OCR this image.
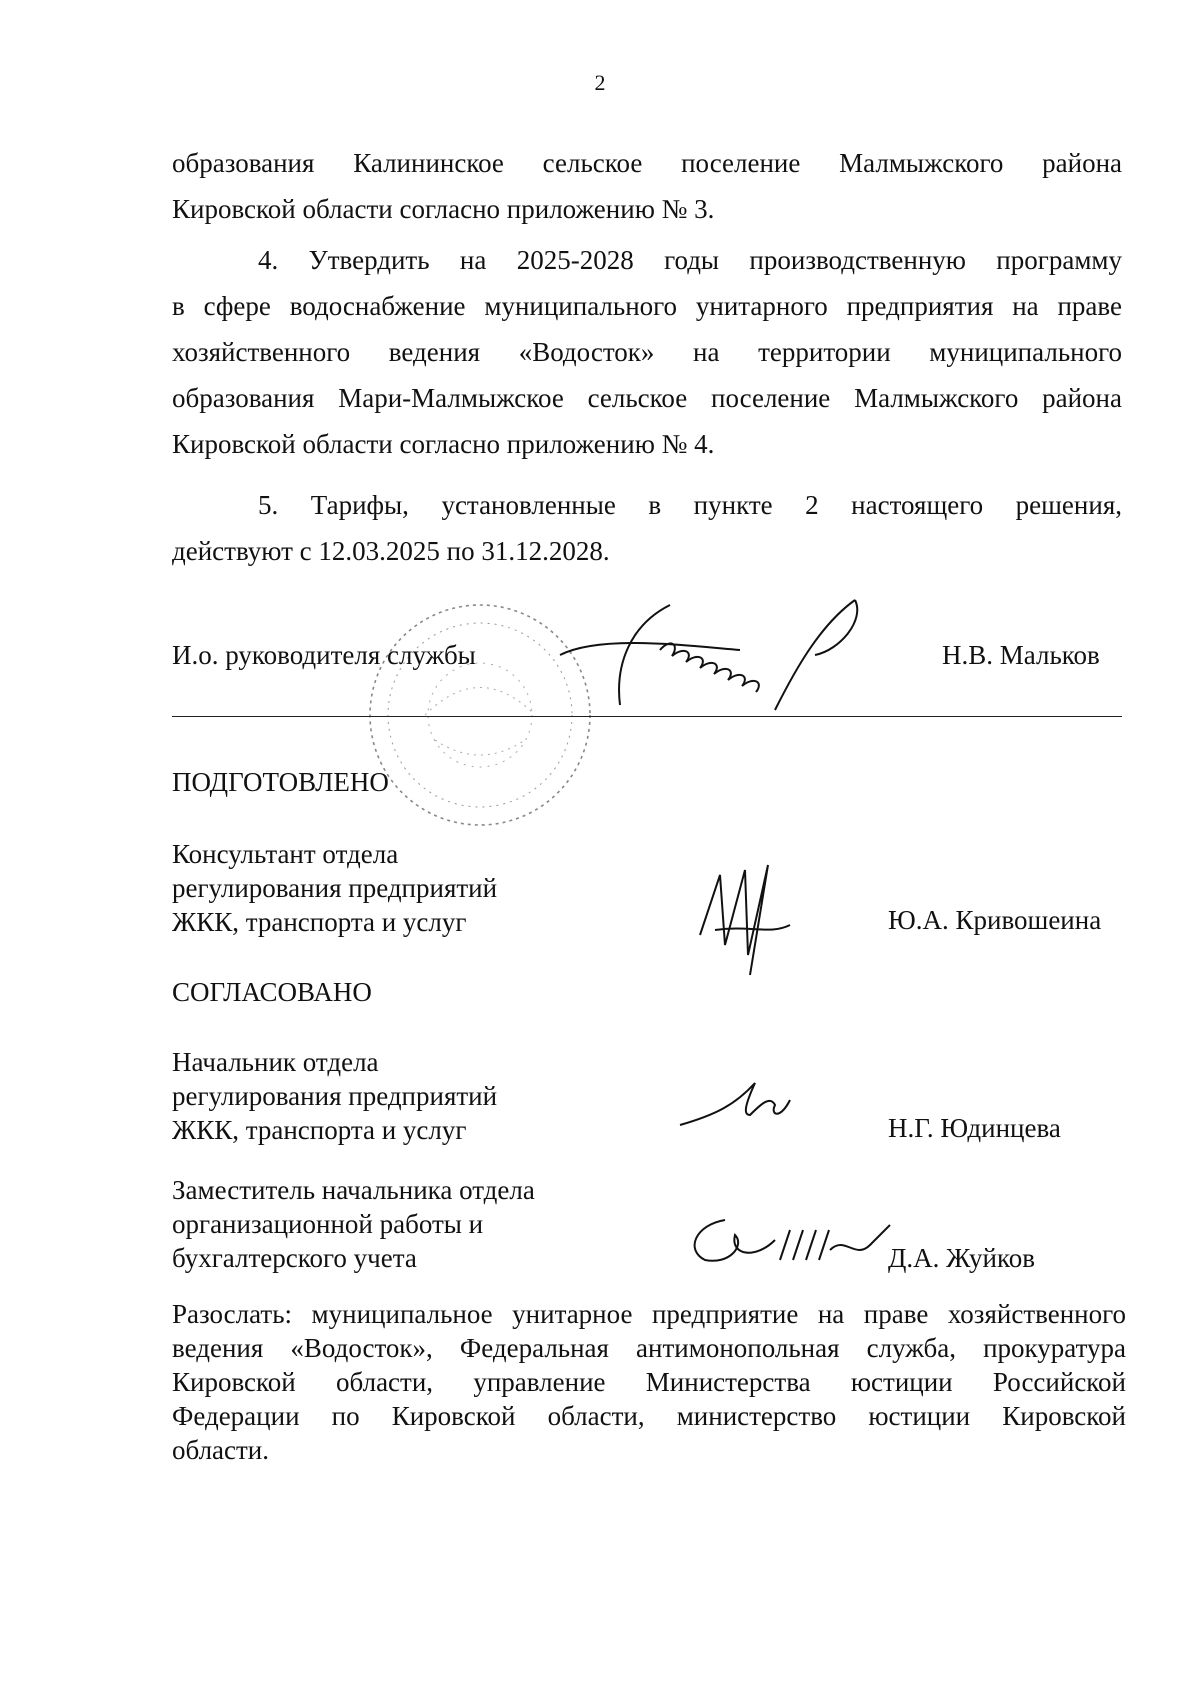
2

образования Калининское сельское поселение Малмыжского района

Кировской области согласно приложению № 3.

4. Утвердить на 2025-2028 годы производственную программу

в сфере водоснабжение муниципального унитарного предприятия на праве

хозяйственного ведения «Водосток» на территории муниципального

образования Мари-Малмыжское сельское поселение Малмыжского района

Кировской области согласно приложению № 4.

5. Тарифы, установленные в пункте 2 настоящего решения,

действуют с 12.03.2025 по 31.12.2028.

И.о. руководителя службы	Н.В. Мальков
ПОДГОТОВЛЕНО
Консультант отдела
регулирования предприятий
ЖКК, транспорта и услуг	Ю.А. Кривошеина
СОГЛАСОВАНО
Начальник отдела
регулирования предприятий
ЖКК, транспорта и услуг	Н.Г. Юдинцева
Заместитель начальника отдела
организационной работы и
бухгалтерского учета	Д.А. Жуйков

Разослать: муниципальное унитарное предприятие на праве хозяйственного

ведения «Водосток», Федеральная антимонопольная служба, прокуратура

Кировской области, управление Министерства юстиции Российской

Федерации по Кировской области, министерство юстиции Кировской

области.
